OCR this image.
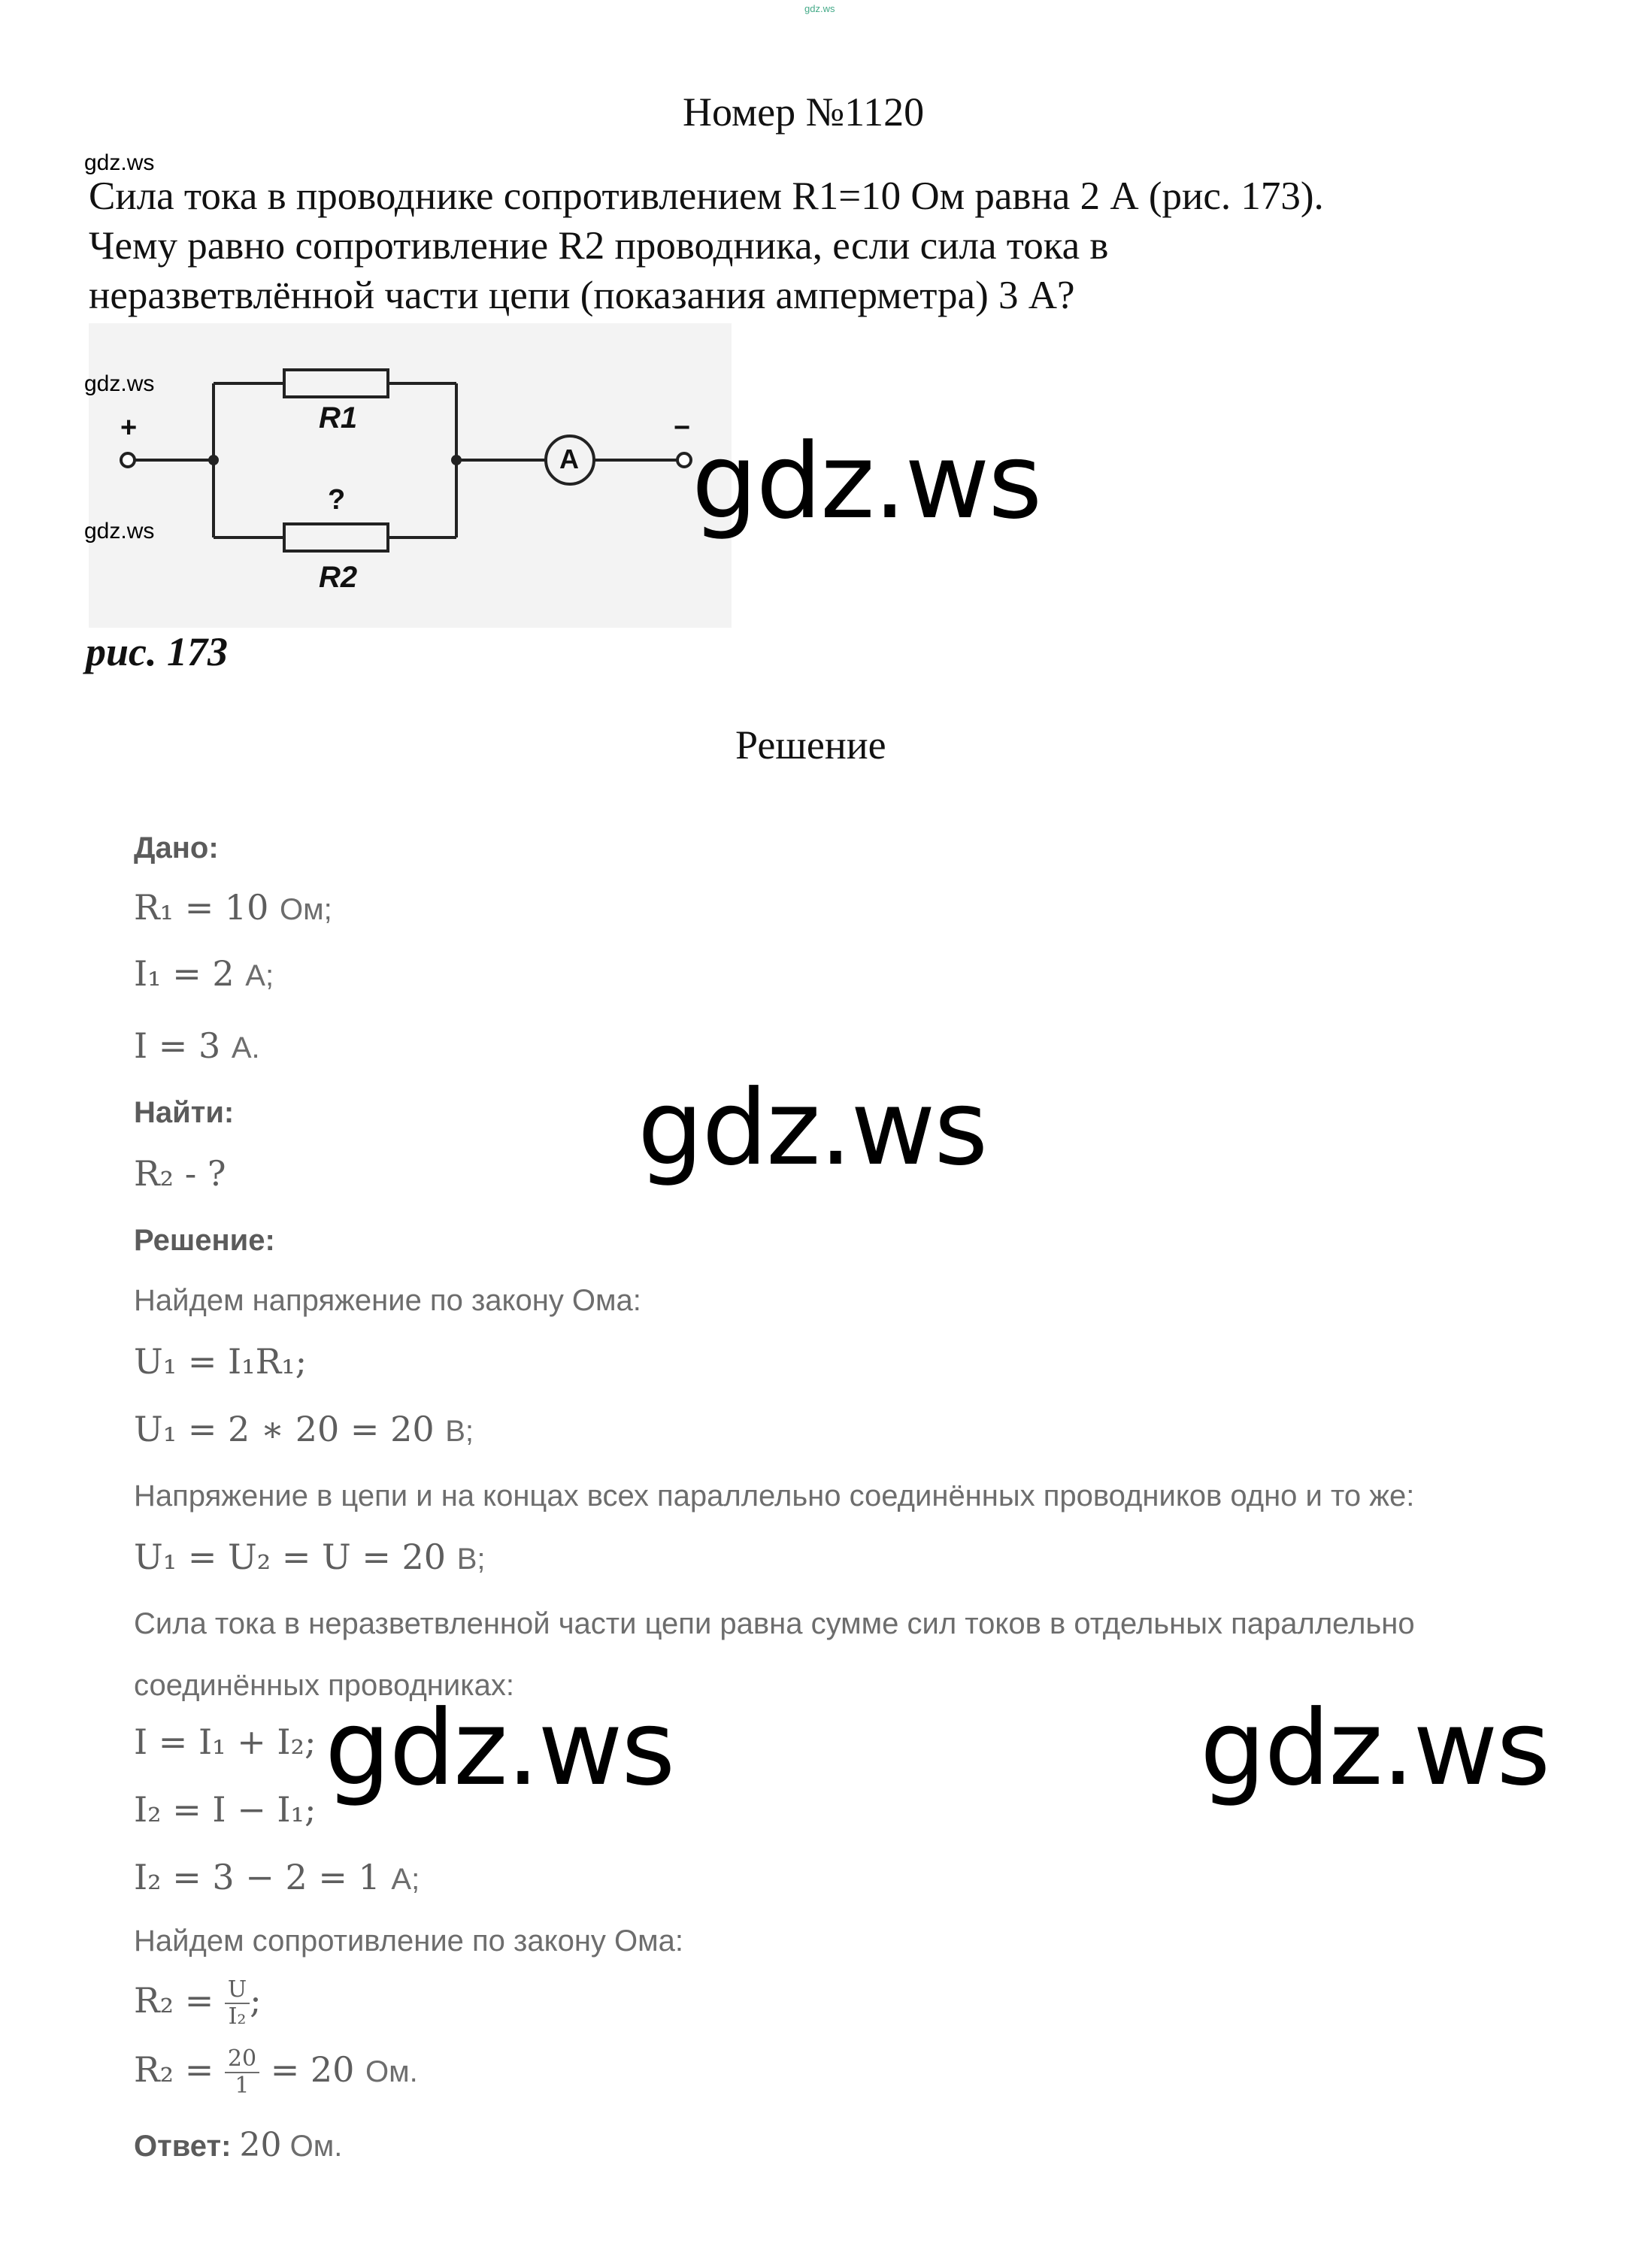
gdz.ws
Номер №1120
gdz.ws
Сила тока в проводнике сопротивлением R1=10 Ом равна 2 А (рис. 173).
Чему равно сопротивление R2 проводника, если сила тока в
неразветвлённой части цепи (показания амперметра) 3 А?
+	−
R1
?
R2
A
gdz.ws
gdz.ws	gdz.ws
рис. 173
Решение
Дано:
R₁ = 10 Ом;
I₁ = 2 А;
I = 3 А.
Найти:
R₂ - ?	gdz.ws
Решение:
Найдем напряжение по закону Ома:
U₁ = I₁R₁;
U₁ = 2 ∗ 20 = 20 В;
Напряжение в цепи и на концах всех параллельно соединённых проводников одно и то же:
U₁ = U₂ = U = 20 В;
Сила тока в неразветвленной части цепи равна сумме сил токов в отдельных параллельно
соединённых проводниках:
I = I₁ + I₂;
I₂ = I − I₁;
I₂ = 3 − 2 = 1 А;
gdz.ws	gdz.ws
Найдем сопротивление по закону Ома:
$R_2 = \frac{U}{\text{I₂}}$ ;
$R_2 = \frac{20}{1} = 20$ Ом.
Ответ: 20 Ом.
